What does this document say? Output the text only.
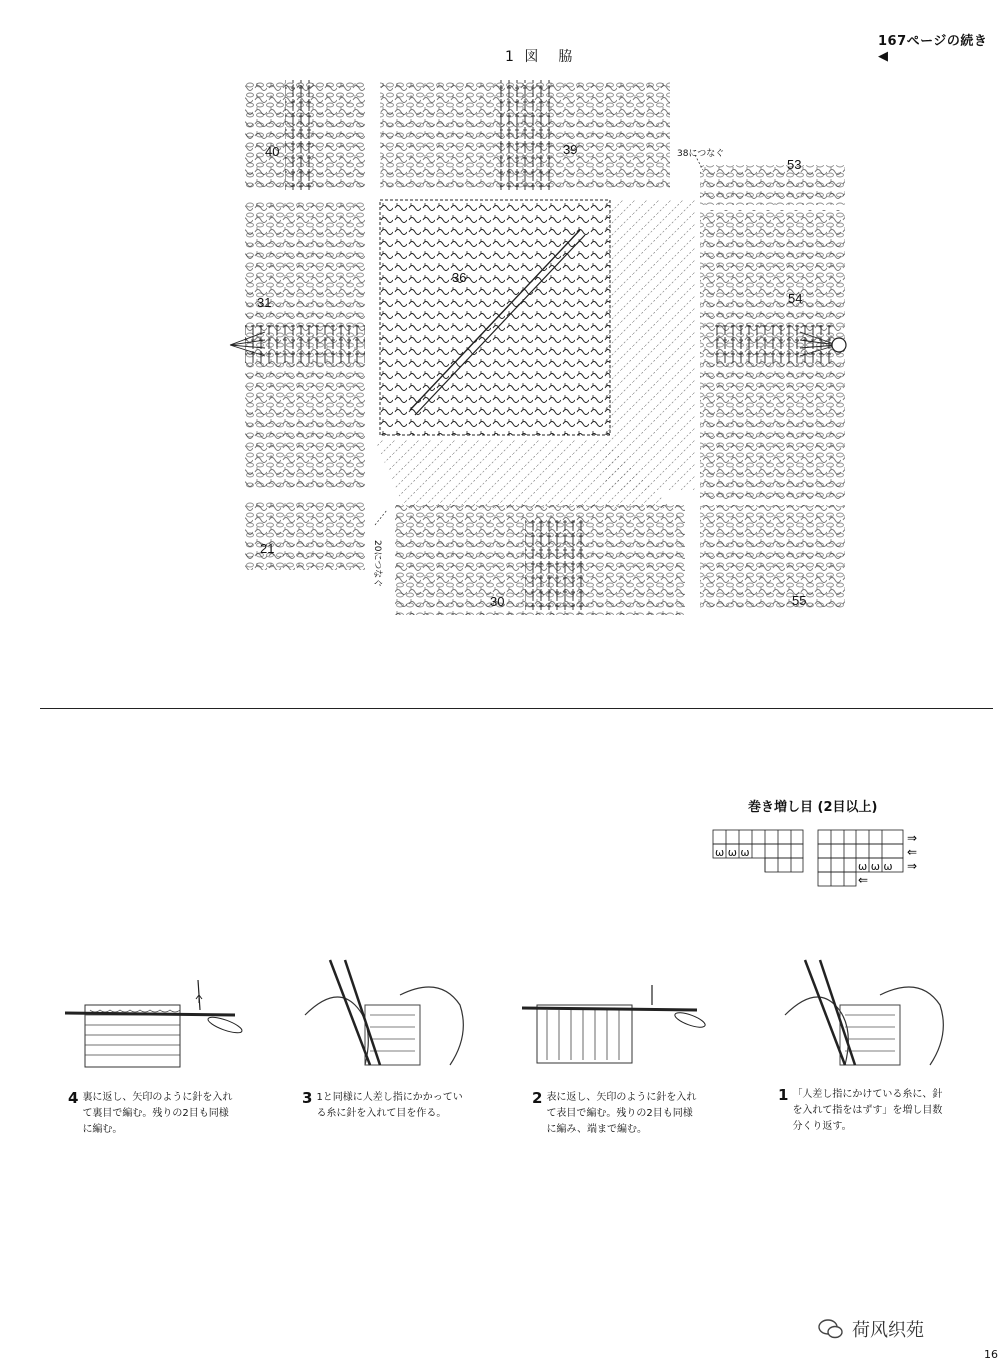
167ページの続き◀
1 図　脇
40	39
53
36
31	54
21
30	55
38につなぐ
20につなぐ
巻き増し目 (2目以上)
ω ω ω
ω ω ω
⇒
⇐
⇒
⇐
4 裏に返し、矢印のように針を入れて裏目で編む。残りの2目も同様に編む。
3 1と同様に人差し指にかかっている糸に針を入れて目を作る。
2 表に返し、矢印のように針を入れて表目で編む。残りの2目も同様に編み、端まで編む。
1 「人差し指にかけている糸に、針を入れて指をはずす」を増し目数分くり返す。
荷风织苑
16
